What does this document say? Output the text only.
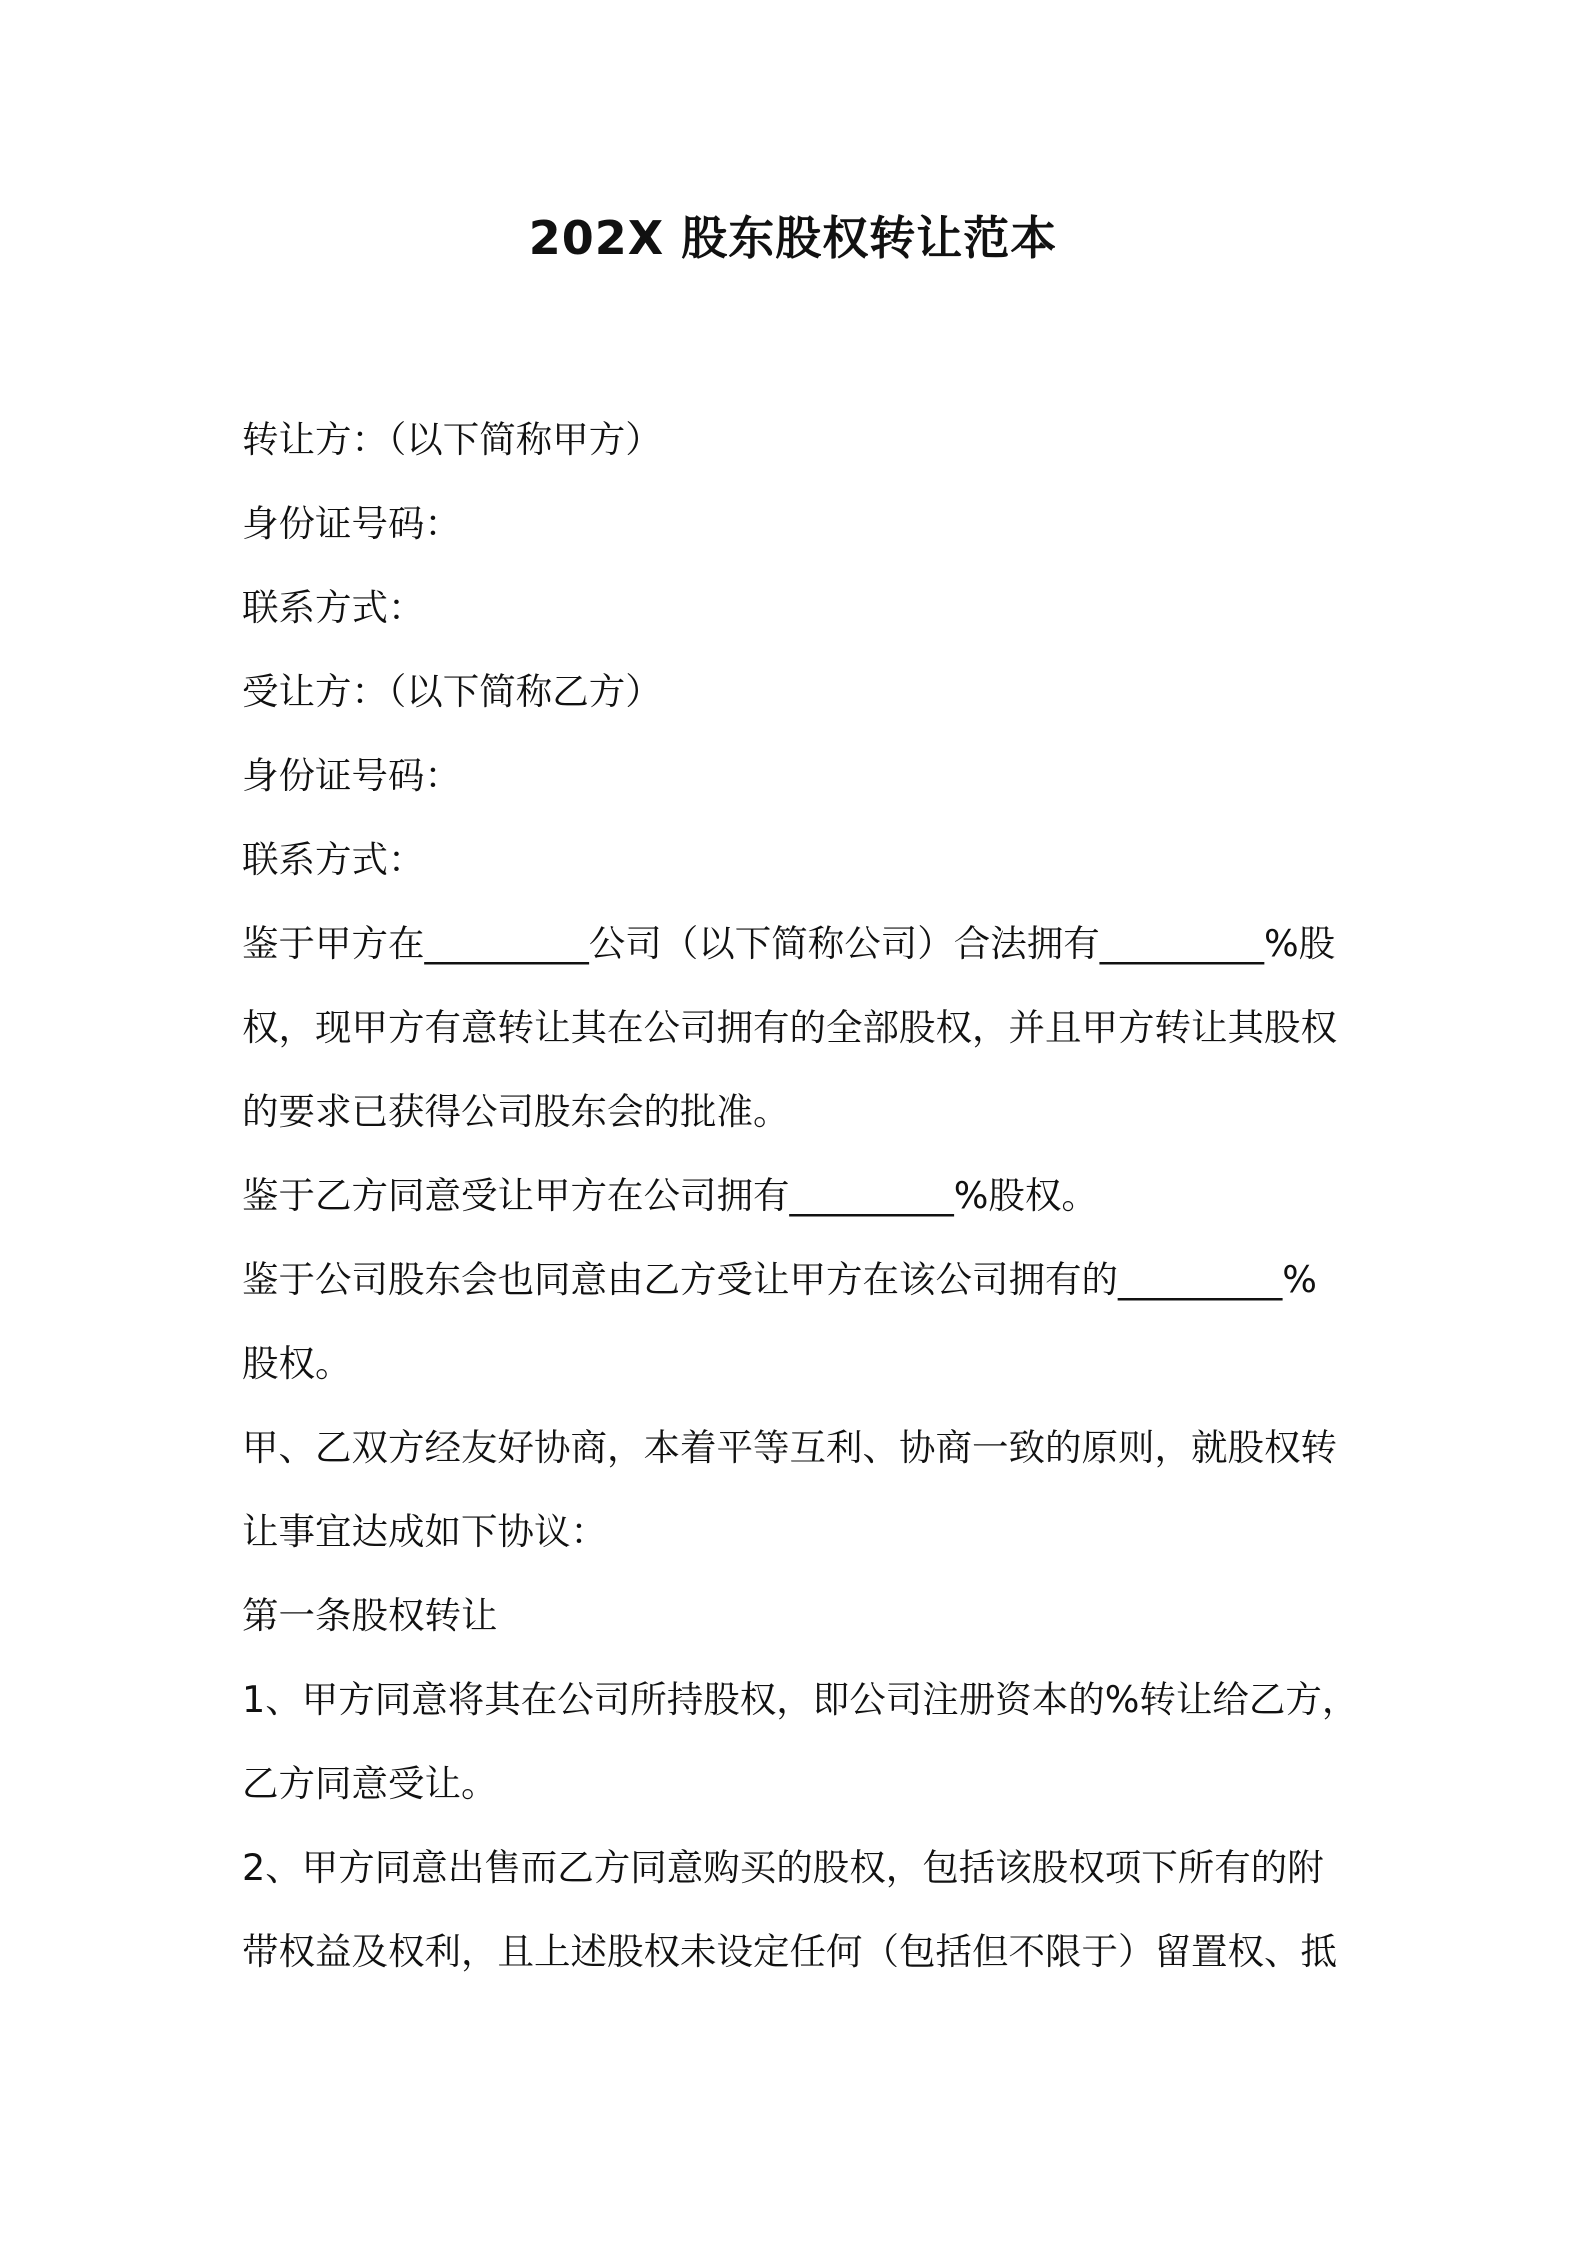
202X 股东股权转让范本
转让方：（以下简称甲方）
身份证号码：
联系方式：
受让方：（以下简称乙方）
身份证号码：
联系方式：
鉴于甲方在_________公司（以下简称公司）合法拥有_________%股
权，现甲方有意转让其在公司拥有的全部股权，并且甲方转让其股权
的要求已获得公司股东会的批准。
鉴于乙方同意受让甲方在公司拥有_________%股权。
鉴于公司股东会也同意由乙方受让甲方在该公司拥有的_________%
股权。
甲、乙双方经友好协商，本着平等互利、协商一致的原则，就股权转
让事宜达成如下协议：
第一条股权转让
1、甲方同意将其在公司所持股权，即公司注册资本的%转让给乙方，
乙方同意受让。
2、甲方同意出售而乙方同意购买的股权，包括该股权项下所有的附
带权益及权利，且上述股权未设定任何（包括但不限于）留置权、抵
